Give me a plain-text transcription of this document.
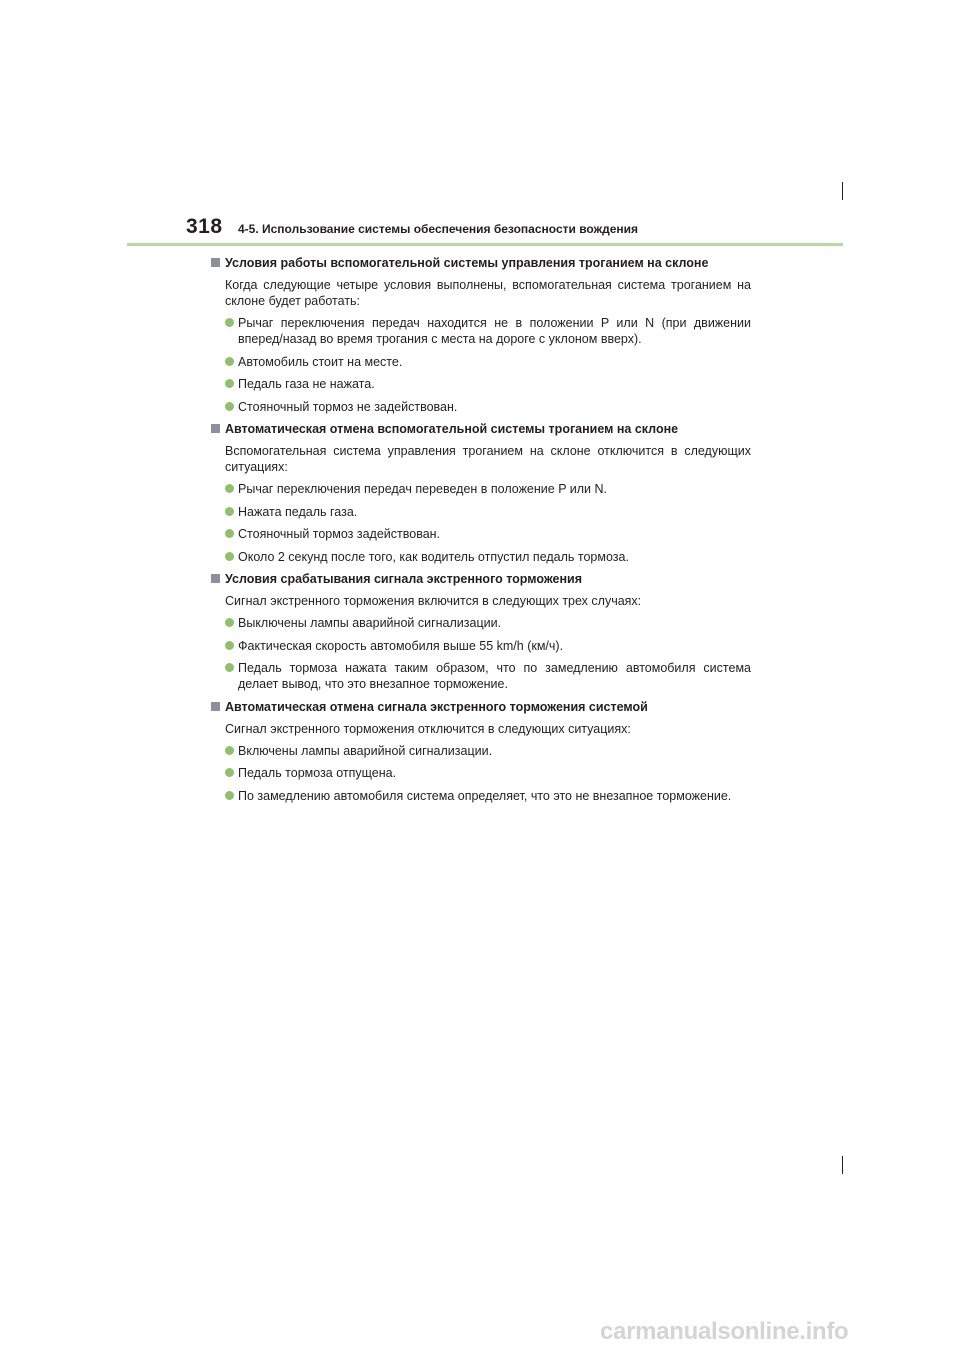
318 4-5. Использование системы обеспечения безопасности вождения
Условия работы вспомогательной системы управления троганием на склоне
Когда следующие четыре условия выполнены, вспомогательная система троганием на склоне будет работать:
Рычаг переключения передач находится не в положении P или N (при движении вперед/назад во время трогания с места на дороге с уклоном вверх).
Автомобиль стоит на месте.
Педаль газа не нажата.
Стояночный тормоз не задействован.
Автоматическая отмена вспомогательной системы троганием на склоне
Вспомогательная система управления троганием на склоне отключится в следующих ситуациях:
Рычаг переключения передач переведен в положение P или N.
Нажата педаль газа.
Стояночный тормоз задействован.
Около 2 секунд после того, как водитель отпустил педаль тормоза.
Условия срабатывания сигнала экстренного торможения
Сигнал экстренного торможения включится в следующих трех случаях:
Выключены лампы аварийной сигнализации.
Фактическая скорость автомобиля выше 55 km/h (км/ч).
Педаль тормоза нажата таким образом, что по замедлению автомобиля система делает вывод, что это внезапное торможение.
Автоматическая отмена сигнала экстренного торможения системой
Сигнал экстренного торможения отключится в следующих ситуациях:
Включены лампы аварийной сигнализации.
Педаль тормоза отпущена.
По замедлению автомобиля система определяет, что это не внезапное торможение.
carmanualsonline.info
